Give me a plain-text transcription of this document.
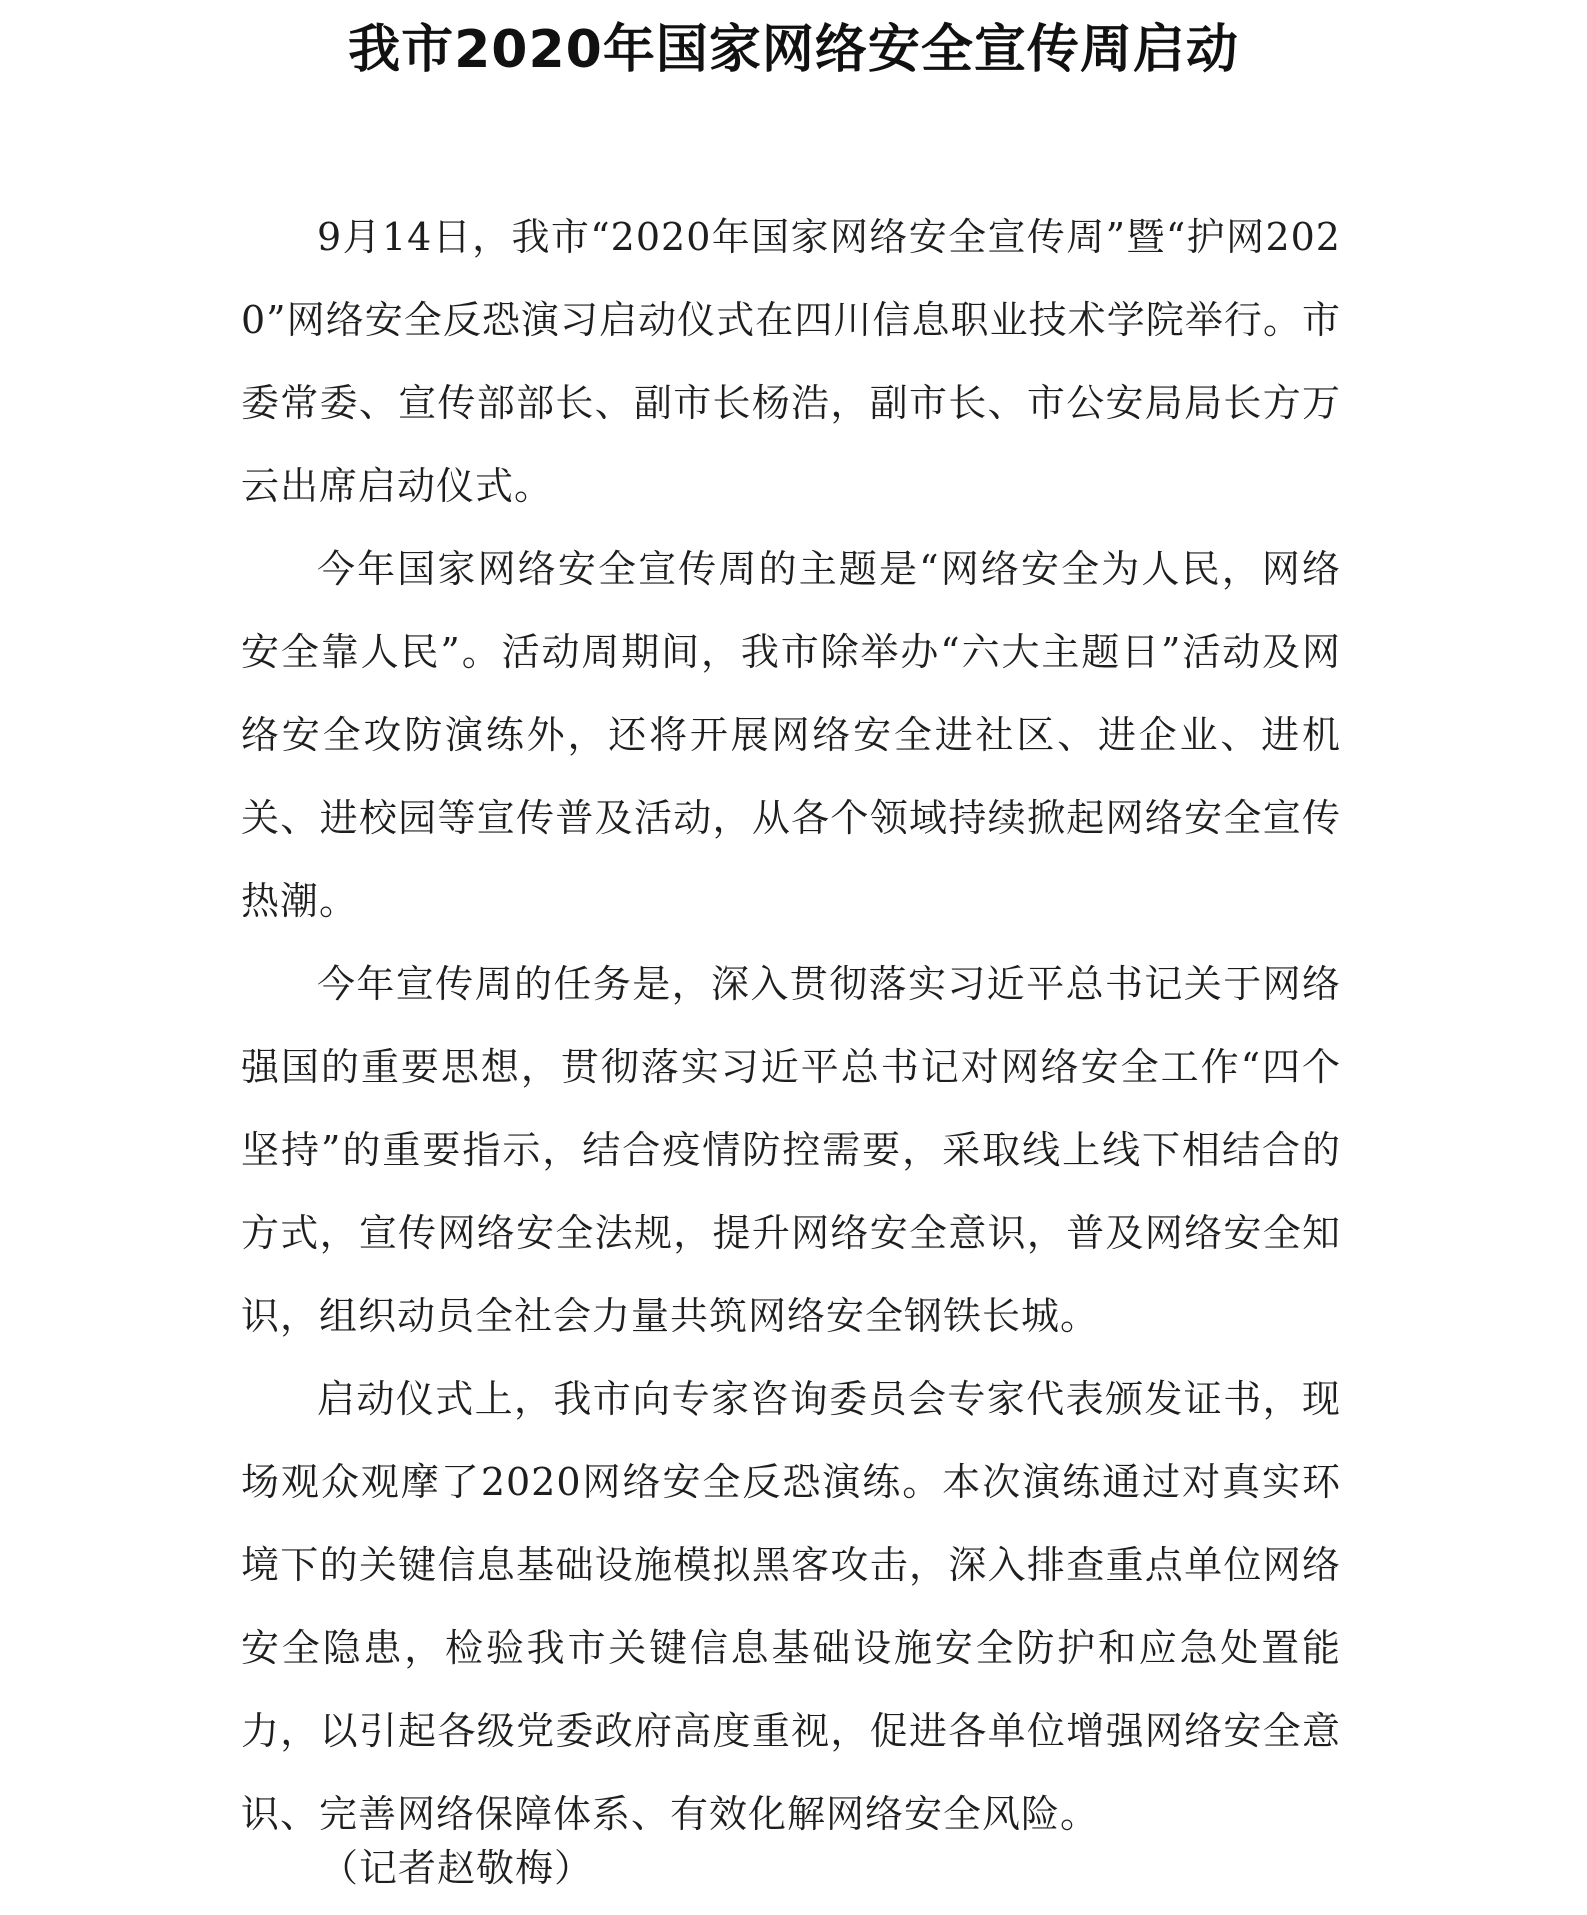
我市2020年国家网络安全宣传周启动

9月14日，我市“2020年国家网络安全宣传周”暨“护网2020”网络安全反恐演习启动仪式在四川信息职业技术学院举行。市委常委、宣传部部长、副市长杨浩，副市长、市公安局局长方万云出席启动仪式。

今年国家网络安全宣传周的主题是“网络安全为人民，网络安全靠人民”。活动周期间，我市除举办“六大主题日”活动及网络安全攻防演练外，还将开展网络安全进社区、进企业、进机关、进校园等宣传普及活动，从各个领域持续掀起网络安全宣传热潮。

今年宣传周的任务是，深入贯彻落实习近平总书记关于网络强国的重要思想，贯彻落实习近平总书记对网络安全工作“四个坚持”的重要指示，结合疫情防控需要，采取线上线下相结合的方式，宣传网络安全法规，提升网络安全意识，普及网络安全知识，组织动员全社会力量共筑网络安全钢铁长城。

启动仪式上，我市向专家咨询委员会专家代表颁发证书，现场观众观摩了2020网络安全反恐演练。本次演练通过对真实环境下的关键信息基础设施模拟黑客攻击，深入排查重点单位网络安全隐患，检验我市关键信息基础设施安全防护和应急处置能力，以引起各级党委政府高度重视，促进各单位增强网络安全意识、完善网络保障体系、有效化解网络安全风险。

（记者赵敬梅）
